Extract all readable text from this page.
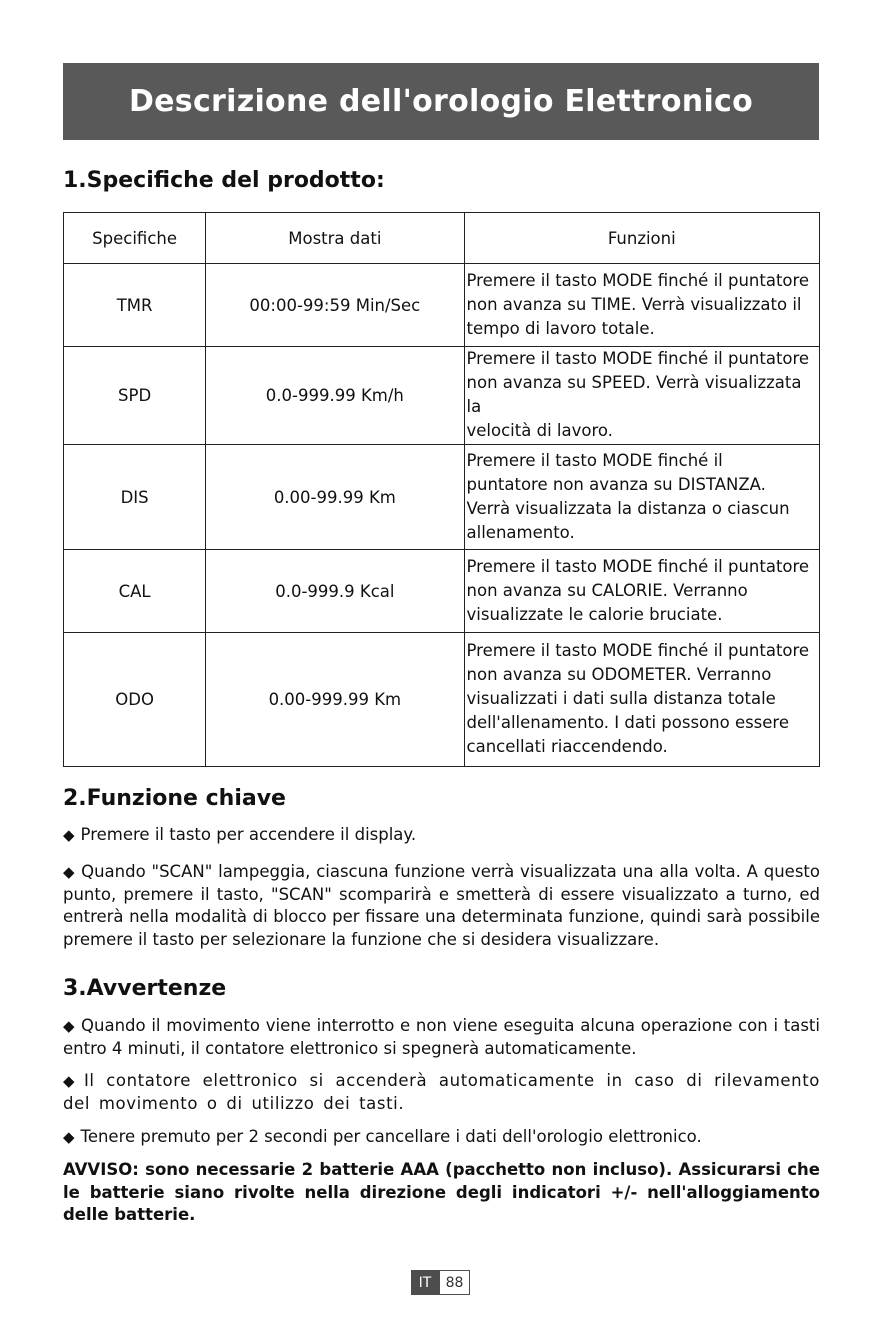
Descrizione dell'orologio Elettronico
1.Specifiche del prodotto:
Specifiche	Mostra dati	Funzioni
TMR	00:00-99:59 Min/Sec	Premere il tasto MODE finché il puntatore
non avanza su TIME. Verrà visualizzato il
tempo di lavoro totale.

SPD	0.0-999.99 Km/h	Premere il tasto MODE finché il puntatore
non avanza su SPEED. Verrà visualizzata la
velocità di lavoro.

DIS	0.00-99.99 Km	Premere il tasto MODE finché il
puntatore non avanza su DISTANZA.
Verrà visualizzata la distanza o ciascun
allenamento.

CAL	0.0-999.9 Kcal	Premere il tasto MODE finché il puntatore
non avanza su CALORIE. Verranno
visualizzate le calorie bruciate.

ODO	0.00-999.99 Km	Premere il tasto MODE finché il puntatore
non avanza su ODOMETER. Verranno
visualizzati i dati sulla distanza totale
dell'allenamento. I dati possono essere
cancellati riaccendendo.
2.Funzione chiave

◆ Premere il tasto per accendere il display.

◆ Quando "SCAN" lampeggia, ciascuna funzione verrà visualizzata una alla volta. A questo punto, premere il tasto, "SCAN" scomparirà e smetterà di essere visualizzato a turno, ed entrerà nella modalità di blocco per fissare una determinata funzione, quindi sarà possibile premere il tasto per selezionare la funzione che si desidera visualizzare.

3.Avvertenze

◆ Quando il movimento viene interrotto e non viene eseguita alcuna operazione con i tasti entro 4 minuti, il contatore elettronico si spegnerà automaticamente.

◆ Il contatore elettronico si accenderà automaticamente in caso di rilevamento del movimento o di utilizzo dei tasti.

◆ Tenere premuto per 2 secondi per cancellare i dati dell'orologio elettronico.

AVVISO: sono necessarie 2 batterie AAA (pacchetto non incluso). Assicurarsi che le batterie siano rivolte nella direzione degli indicatori +/- nell'alloggiamento delle batterie.

IT	88
